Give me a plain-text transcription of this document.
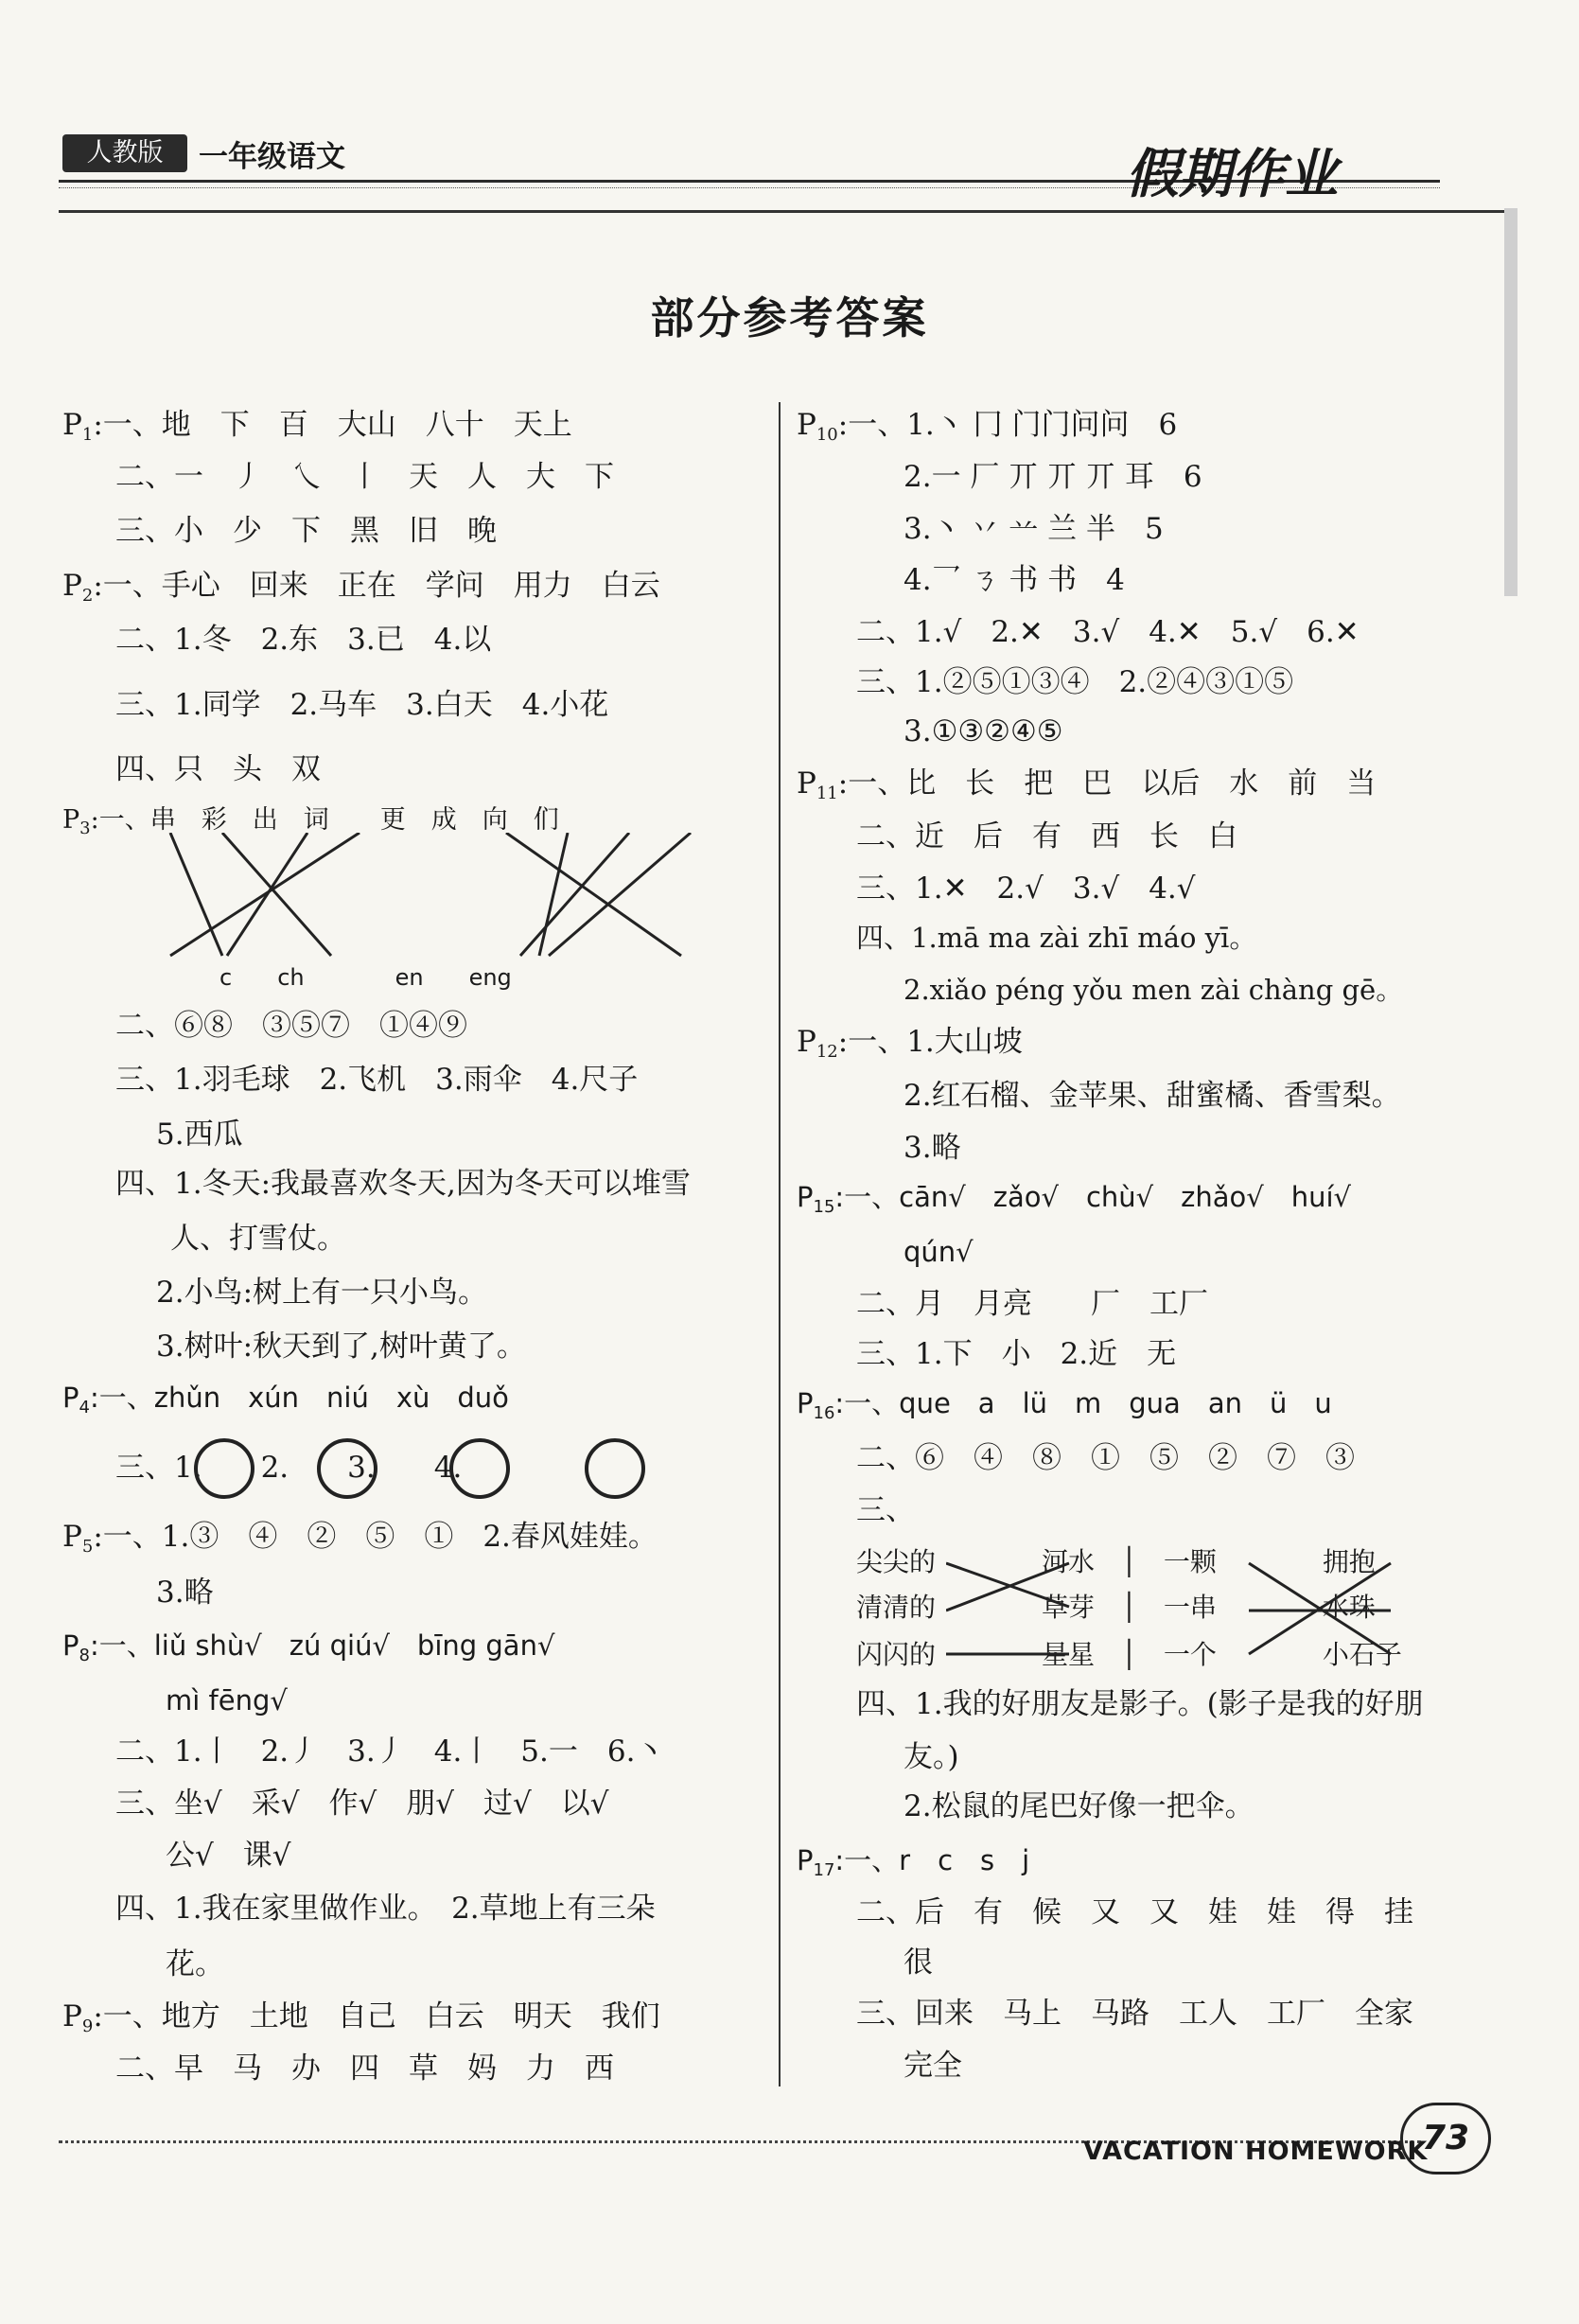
人教版	一年级语文	假期作业
部分参考答案
$P_1$:一、地　下　百　大山　八十　天上
二、一　丿　乀　丨　天　人　大　下
三、小　少　下　黑　旧　晚
$P_2$:一、手心　回来　正在　学问　用力　白云
二、1.冬　2.东　3.已　4.以
三、1.同学　2.马车　3.白天　4.小花
四、只　头　双
$P_3$:一、串　彩　出　词　　更　成　向　们
c　　ch　　　　en　　eng
二、⑥⑧　③⑤⑦　①④⑨
三、1.羽毛球　2.飞机　3.雨伞　4.尺子
5.西瓜
四、1.冬天:我最喜欢冬天,因为冬天可以堆雪
人、打雪仗。
2.小鸟:树上有一只小鸟。
3.树叶:秋天到了,树叶黄了。
$P_4$:一、zhǔn　xún　niú　xù　duǒ
三、1.　　2.　　3.　　4.
$P_5$:一、1.③　④　②　⑤　①　2.春风娃娃。
3.略
$P_8$:一、liǔ shù√　zú qiú√　bīng gān√
mì fēng√
二、1.丨　2.丿　3.丿　4.丨　5.一　6.丶
三、坐√　采√　作√　朋√　过√　以√
公√　课√
四、1.我在家里做作业。　2.草地上有三朵
花。
$P_9$:一、地方　土地　自己　白云　明天　我们
二、早　马　办　四　草　妈　力　西
$P_{10}$:一、1.丶 冂 门门问问　6
2.一 厂 丌 丌 丌 耳　6
3.丶 丷 䒑 兰 半　5
4.乛 ㄋ 书 书　4
二、1.√　2.✕　3.√　4.✕　5.√　6.✕
三、1.②⑤①③④　2.②④③①⑤
3.①③②④⑤
$P_{11}$:一、比　长　把　巴　以后　水　前　当
二、近　后　有　西　长　白
三、1.✕　2.√　3.√　4.√
四、1.mā ma zài zhī máo yī。
2.xiǎo péng yǒu men zài chàng gē。
$P_{12}$:一、1.大山坡
2.红石榴、金苹果、甜蜜橘、香雪梨。
3.略
$P_{15}$:一、cān√　zǎo√　chù√　zhǎo√　huí√
qún√
二、月　月亮　　厂　工厂
三、1.下　小　2.近　无
$P_{16}$:一、que　a　lü　m　gua　an　ü　u
二、⑥　④　⑧　①　⑤　②　⑦　③
三、
尖尖的　　　　河水　│　一颗　　　　拥抱
清清的　　　　草芽　│　一串　　　　水珠
闪闪的　　　　星星　│　一个　　　　小石子
四、1.我的好朋友是影子。(影子是我的好朋
友。)
2.松鼠的尾巴好像一把伞。
$P_{17}$:一、r　c　s　j
二、后　有　候　又　又　娃　娃　得　挂
很
三、回来　马上　马路　工人　工厂　全家
完全
VACATION HOMEWORK
73
